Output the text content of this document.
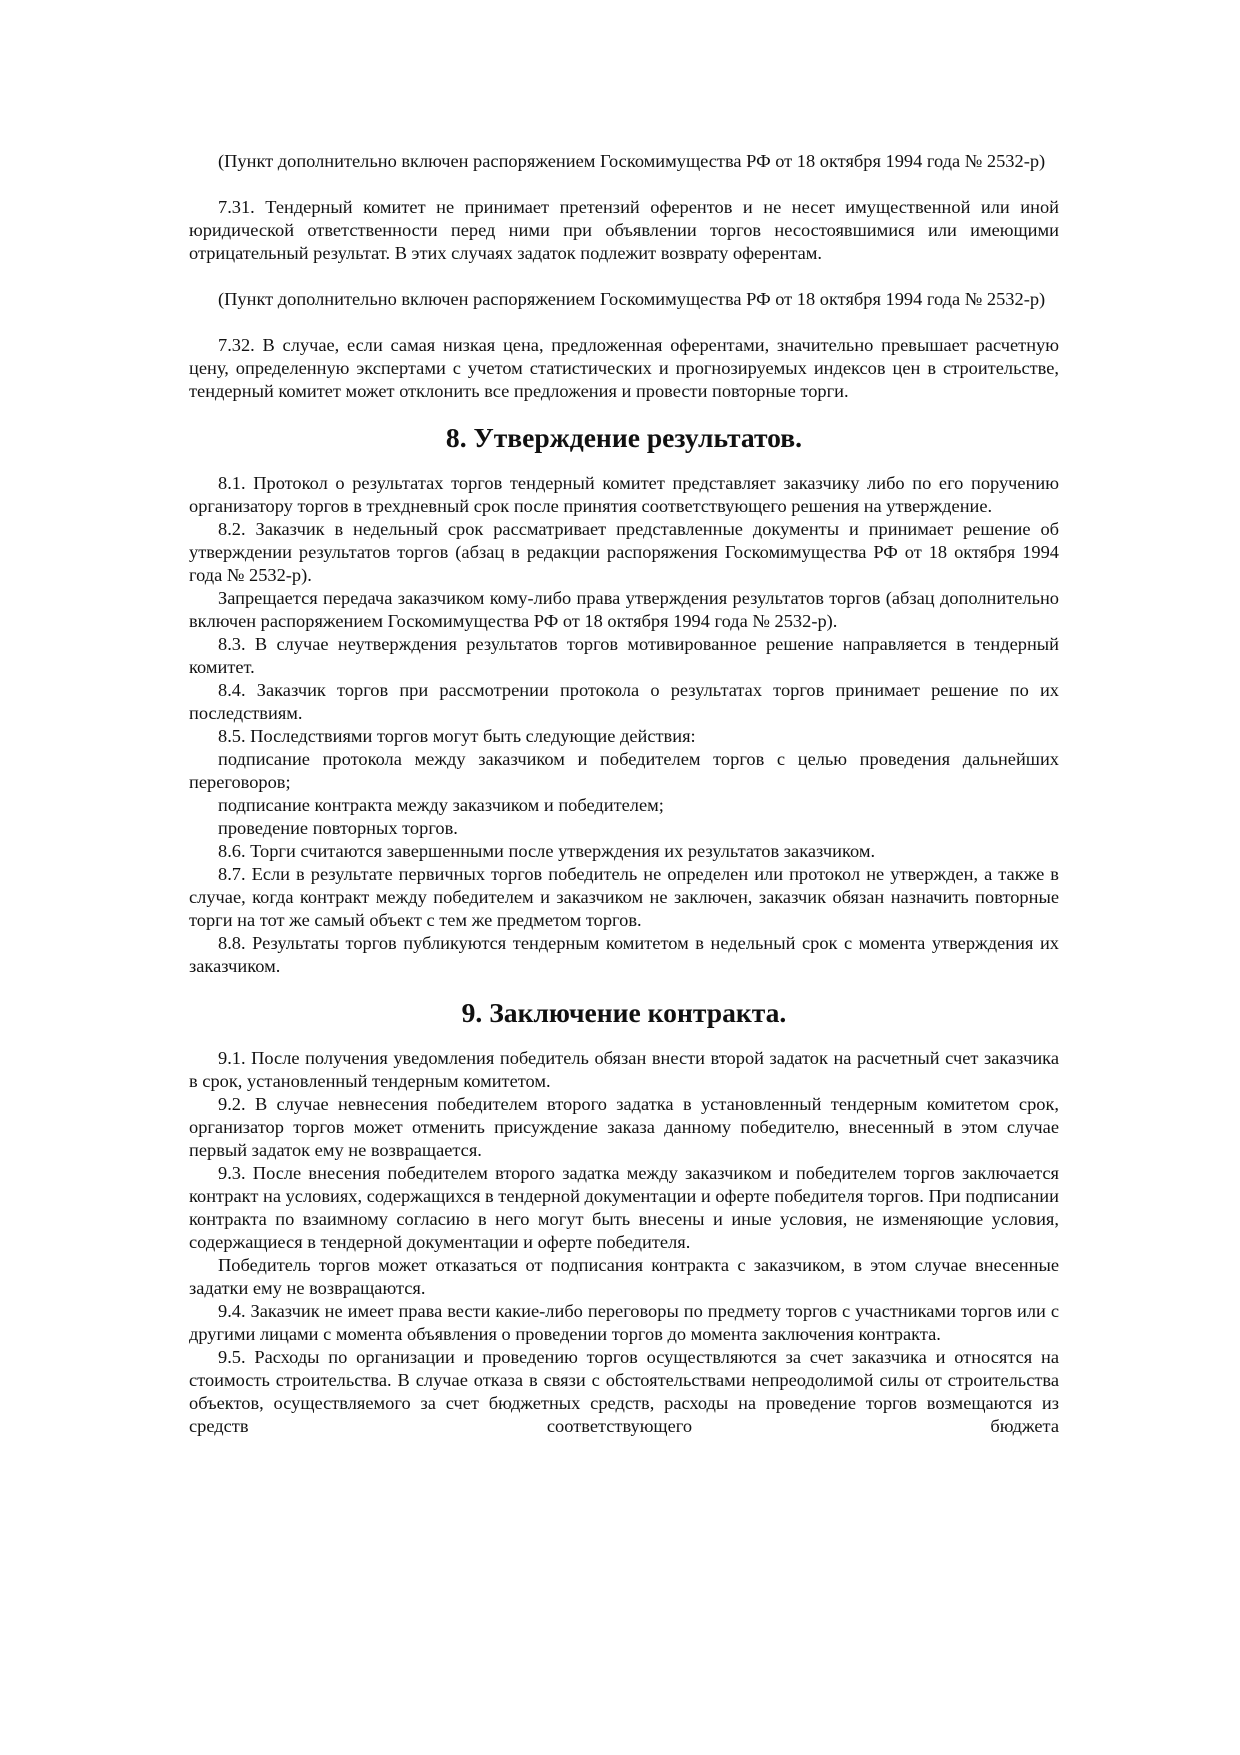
(Пункт дополнительно включен распоряжением Госкомимущества РФ от 18 октября 1994 года № 2532-р)

7.31. Тендерный комитет не принимает претензий оферентов и не несет имущественной или иной юридической ответственности перед ними при объявлении торгов несостоявшимися или имеющими отрицательный результат. В этих случаях задаток подлежит возврату оферентам.

(Пункт дополнительно включен распоряжением Госкомимущества РФ от 18 октября 1994 года № 2532-р)

7.32. В случае, если самая низкая цена, предложенная оферентами, значительно превышает расчетную цену, определенную экспертами с учетом статистических и прогнозируемых индексов цен в строительстве, тендерный комитет может отклонить все предложения и провести повторные торги.

8. Утверждение результатов.

8.1. Протокол о результатах торгов тендерный комитет представляет заказчику либо по его поручению организатору торгов в трехдневный срок после принятия соответствующего решения на утверждение.

8.2. Заказчик в недельный срок рассматривает представленные документы и принимает решение об утверждении результатов торгов (абзац в редакции распоряжения Госкомимущества РФ от 18 октября 1994 года № 2532-р).

Запрещается передача заказчиком кому-либо права утверждения результатов торгов (абзац дополнительно включен распоряжением Госкомимущества РФ от 18 октября 1994 года № 2532-р).

8.3. В случае неутверждения результатов торгов мотивированное решение направляется в тендерный комитет.

8.4. Заказчик торгов при рассмотрении протокола о результатах торгов принимает решение по их последствиям.

8.5. Последствиями торгов могут быть следующие действия:

подписание протокола между заказчиком и победителем торгов с целью проведения дальнейших переговоров;

подписание контракта между заказчиком и победителем;

проведение повторных торгов.

8.6. Торги считаются завершенными после утверждения их результатов заказчиком.

8.7. Если в результате первичных торгов победитель не определен или протокол не утвержден, а также в случае, когда контракт между победителем и заказчиком не заключен, заказчик обязан назначить повторные торги на тот же самый объект с тем же предметом торгов.

8.8. Результаты торгов публикуются тендерным комитетом в недельный срок с момента утверждения их заказчиком.

9. Заключение контракта.

9.1. После получения уведомления победитель обязан внести второй задаток на расчетный счет заказчика в срок, установленный тендерным комитетом.

9.2. В случае невнесения победителем второго задатка в установленный тендерным комитетом срок, организатор торгов может отменить присуждение заказа данному победителю, внесенный в этом случае первый задаток ему не возвращается.

9.3. После внесения победителем второго задатка между заказчиком и победителем торгов заключается контракт на условиях, содержащихся в тендерной документации и оферте победителя торгов. При подписании контракта по взаимному согласию в него могут быть внесены и иные условия, не изменяющие условия, содержащиеся в тендерной документации и оферте победителя.

Победитель торгов может отказаться от подписания контракта с заказчиком, в этом случае внесенные задатки ему не возвращаются.

9.4. Заказчик не имеет права вести какие-либо переговоры по предмету торгов с участниками торгов или с другими лицами с момента объявления о проведении торгов до момента заключения контракта.

9.5. Расходы по организации и проведению торгов осуществляются за счет заказчика и относятся на стоимость строительства. В случае отказа в связи с обстоятельствами непреодолимой силы от строительства объектов, осуществляемого за счет бюджетных средств, расходы на проведение торгов возмещаются из средств соответствующего бюджета
